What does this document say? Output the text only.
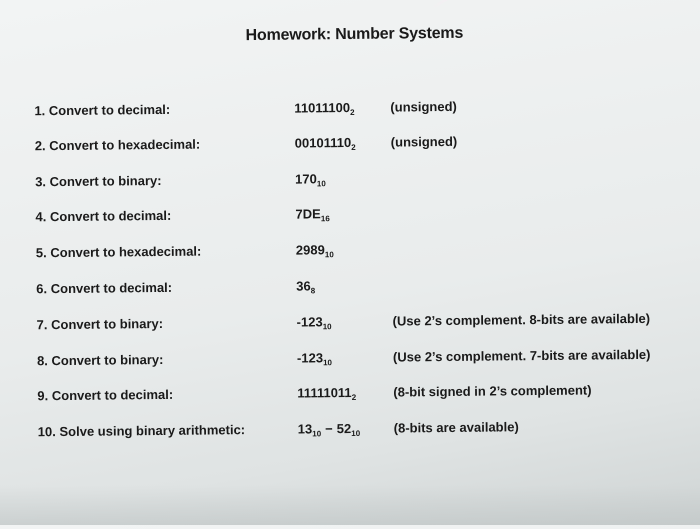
Homework: Number Systems
1. Convert to decimal:	$11011100_2$	(unsigned)
2. Convert to hexadecimal:	$00101110_2$	(unsigned)
3. Convert to binary:	$170_{10}$
4. Convert to decimal:	$7DE_{16}$
5. Convert to hexadecimal:	$2989_{10}$
6. Convert to decimal:	$36_8$
7. Convert to binary:	$-123_{10}$	(Use 2’s complement. 8-bits are available)
8. Convert to binary:	$-123_{10}$	(Use 2’s complement. 7-bits are available)
9. Convert to decimal:	$11111011_2$	(8-bit signed in 2’s complement)
10. Solve using binary arithmetic:	$13_{10} - 52_{10}$	(8-bits are available)
